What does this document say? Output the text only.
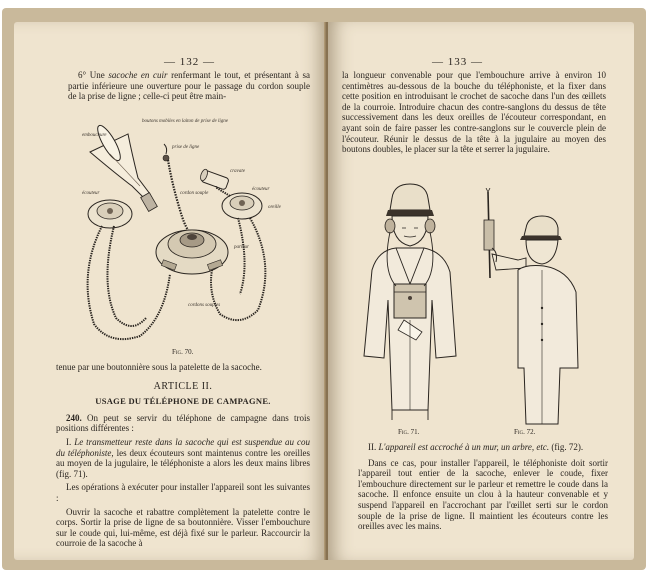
— 132 —

6° Une sacoche en cuir renfermant le tout, et présentant à sa partie inférieure une ouverture pour le passage du cordon souple de la prise de ligne ; celle-ci peut être main-

embouchure
boutons mobiles en laiton de prise de ligne
prise de ligne
cordon souple
cravate
écouteur
écouteur
oreille
parleur
cordons souples
Fig. 70.

tenue par une boutonnière sous la patelette de la sacoche.

ARTICLE II.

USAGE DU TÉLÉPHONE DE CAMPAGNE.

240. On peut se servir du téléphone de campagne dans trois positions différentes :

I. Le transmetteur reste dans la sacoche qui est suspendue au cou du téléphoniste, les deux écouteurs sont maintenus contre les oreilles au moyen de la jugulaire, le téléphoniste a alors les deux mains libres (fig. 71).

Les opérations à exécuter pour installer l'appareil sont les suivantes :

Ouvrir la sacoche et rabattre complètement la patelette contre le corps. Sortir la prise de ligne de sa boutonnière. Visser l'embouchure sur le coude qui, lui-même, est déjà fixé sur le parleur. Raccourcir la courroie de la sacoche à

— 133 —

la longueur convenable pour que l'embouchure arrive à environ 10 centimètres au-dessous de la bouche du téléphoniste, et la fixer dans cette position en introduisant le crochet de sacoche dans l'un des œillets de la courroie. Introduire chacun des contre-sanglons du dessus de tête successivement dans les deux oreilles de l'écouteur correspondant, en ayant soin de faire passer les contre-sanglons sur le couvercle plein de l'écouteur. Réunir le dessus de la tête à la jugulaire au moyen des boutons doubles, le placer sur la tête et serrer la jugulaire.

Fig. 71.	Fig. 72.

II. L'appareil est accroché à un mur, un arbre, etc. (fig. 72).

Dans ce cas, pour installer l'appareil, le téléphoniste doit sortir l'appareil tout entier de la sacoche, enlever le coude, fixer l'embouchure directement sur le parleur et remettre le coude dans la sacoche. Il enfonce ensuite un clou à la hauteur convenable et y suspend l'appareil en l'accrochant par l'œillet serti sur le cordon souple de la prise de ligne. Il maintient les écouteurs contre les oreilles avec les mains.
